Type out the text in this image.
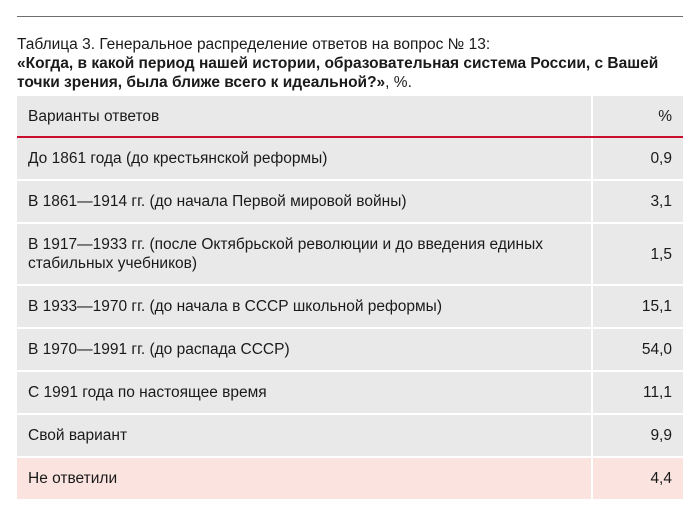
Таблица 3. Генеральное распределение ответов на вопрос № 13:
«Когда, в какой период нашей истории, образовательная система России, с Вашей точки зрения, была ближе всего к идеальной?», %.
Варианты ответов	%
До 1861 года (до крестьянской реформы)	0,9
В 1861—1914 гг. (до начала Первой мировой войны)	3,1
В 1917—1933 гг. (после Октябрьской революции и до введения единых стабильных учебников)	1,5
В 1933—1970 гг. (до начала в СССР школьной реформы)	15,1
В 1970—1991 гг. (до распада СССР)	54,0
С 1991 года по настоящее время	11,1
Свой вариант	9,9
Не ответили	4,4
